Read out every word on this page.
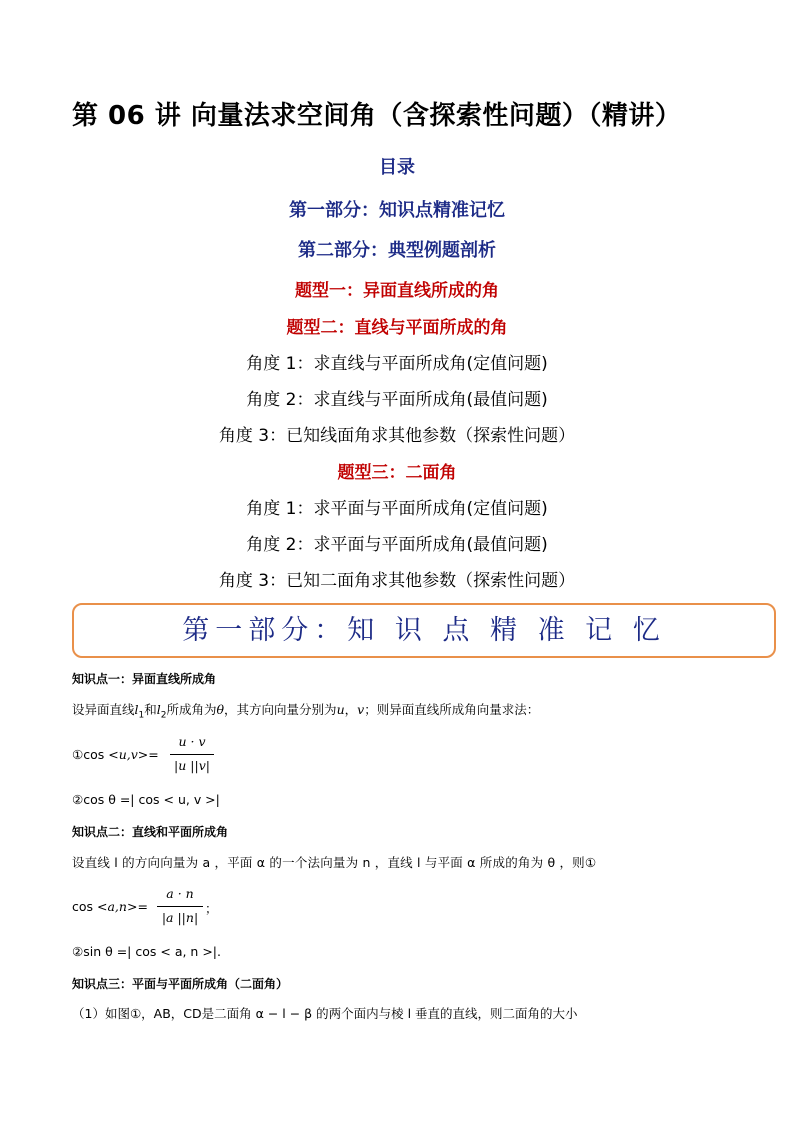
第 06 讲 向量法求空间角（含探索性问题）（精讲）
目录
第一部分：知识点精准记忆
第二部分：典型例题剖析
题型一：异面直线所成的角
题型二：直线与平面所成的角
角度 1：求直线与平面所成角(定值问题)
角度 2：求直线与平面所成角(最值问题)
角度 3：已知线面角求其他参数（探索性问题）
题型三：二面角
角度 1：求平面与平面所成角(定值问题)
角度 2：求平面与平面所成角(最值问题)
角度 3：已知二面角求其他参数（探索性问题）
第一部分：知 识 点 精 准 记 忆
知识点一：异面直线所成角
设异面直线$l_1$和$l_2$所成角为θ，其方向向量分别为u，v；则异面直线所成角向量求法：
①cos <u,v>=
u · v
|u ||v|
②cos θ =| cos < u, v >|
知识点二：直线和平面所成角
设直线 l 的方向向量为 a ，平面 α 的一个法向量为 n ，直线 l 与平面 α 所成的角为 θ ，则①
cos <a,n>=
a · n
|a ||n|
；
②sin θ =| cos < a, n >|.
知识点三：平面与平面所成角（二面角）
（1）如图①，AB，CD是二面角 α − l − β 的两个面内与棱 l 垂直的直线，则二面角的大小
